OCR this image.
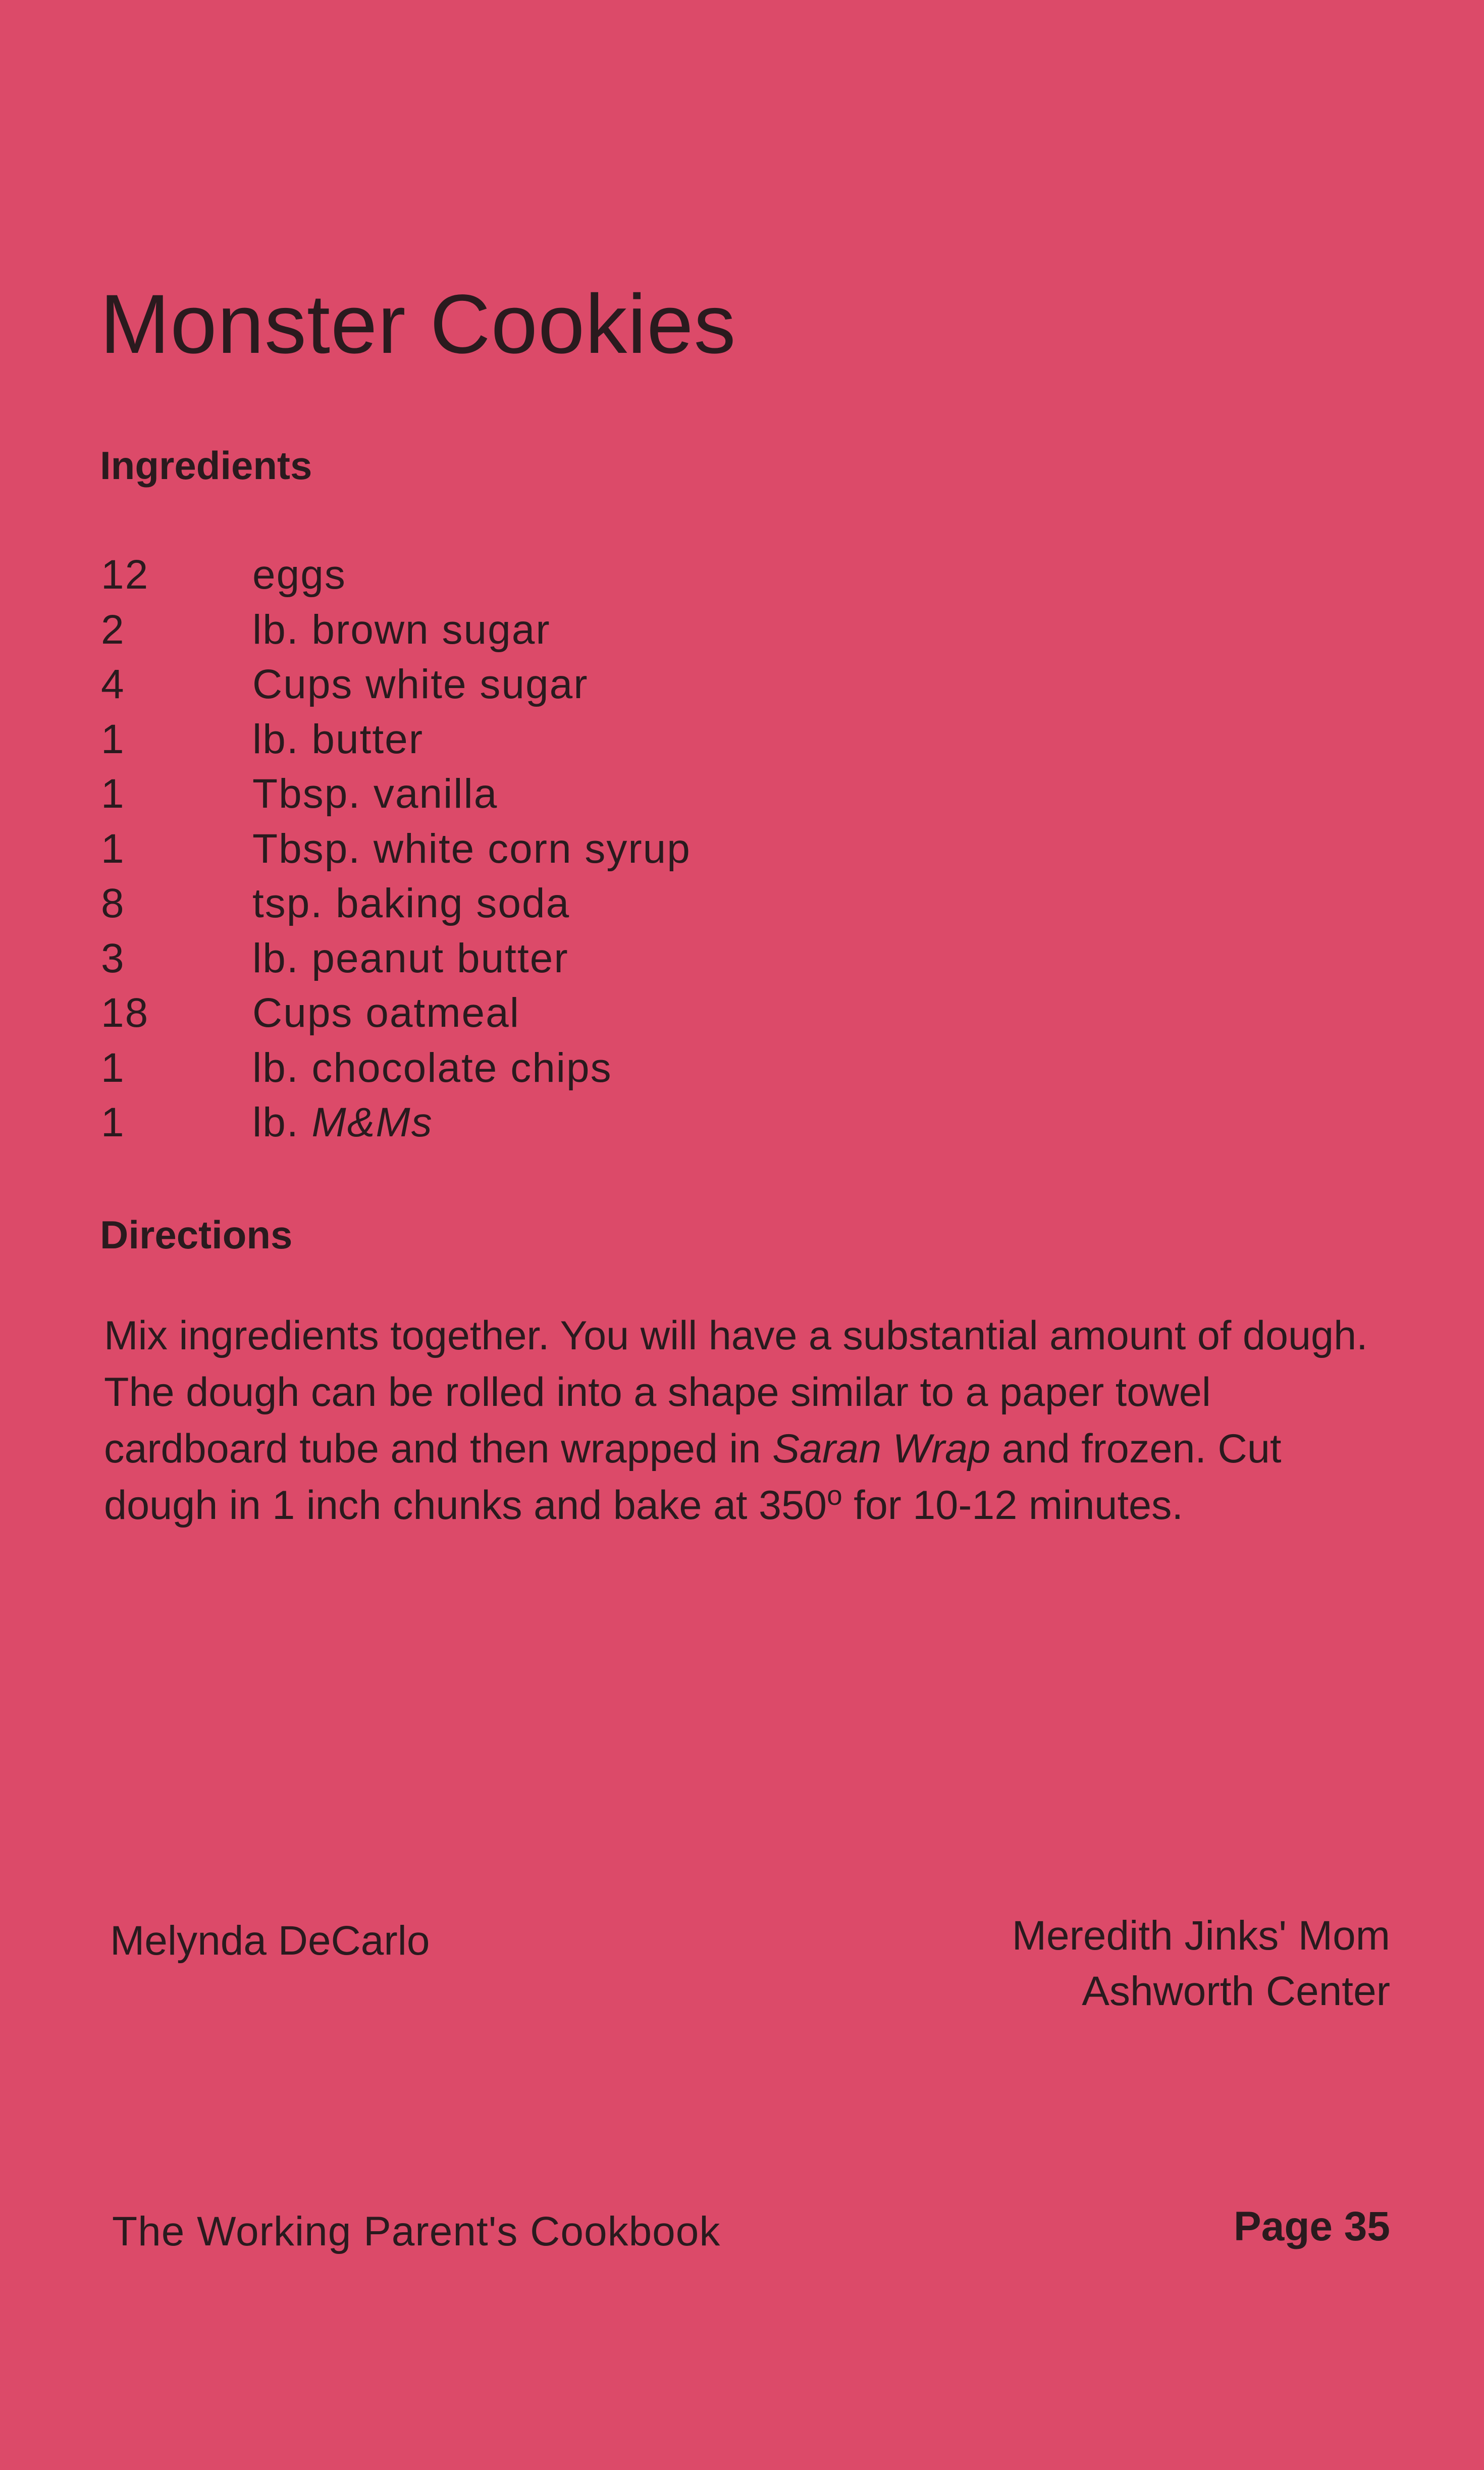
Monster Cookies
Ingredients
12	eggs
2	lb. brown sugar
4	Cups white sugar
1	lb. butter
1	Tbsp. vanilla
1	Tbsp. white corn syrup
8	tsp. baking soda
3	lb. peanut butter
18	Cups oatmeal
1	lb. chocolate chips
1	lb. M&Ms
Directions

Mix ingredients together. You will have a substantial amount of dough. The dough can be rolled into a shape similar to a paper towel cardboard tube and then wrapped in Saran Wrap and frozen. Cut dough in 1 inch chunks and bake at 350$^o$ for 10-12 minutes.

Melynda DeCarlo	Meredith Jinks' Mom
Ashworth Center

The Working Parent's Cookbook	Page 35
